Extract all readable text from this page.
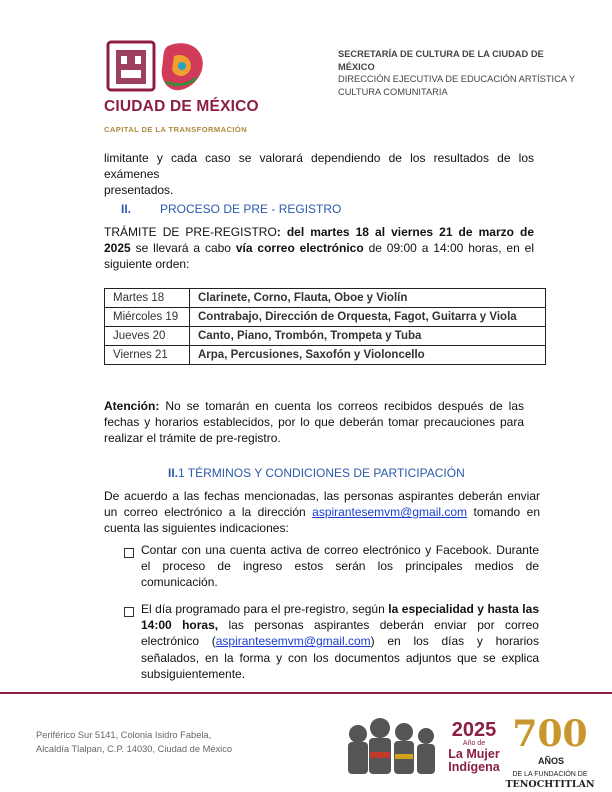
CIUDAD DE MÉXICO
CAPITAL DE LA TRANSFORMACIÓN
SECRETARÍA DE CULTURA DE LA CIUDAD DE MÉXICO
DIRECCIÓN EJECUTIVA DE EDUCACIÓN ARTÍSTICA Y CULTURA COMUNITARIA
limitante y cada caso se valorará dependiendo de los resultados de los exámenes
presentados.
II. PROCESO DE PRE - REGISTRO
TRÁMITE DE PRE-REGISTRO: del martes 18 al viernes 21 de marzo de 2025 se llevará a cabo vía correo electrónico de 09:00 a 14:00 horas, en el siguiente orden:
Martes 18	Clarinete, Corno, Flauta, Oboe y Violín
Miércoles 19	Contrabajo, Dirección de Orquesta, Fagot, Guitarra y Viola
Jueves 20	Canto, Piano, Trombón, Trompeta y Tuba
Viernes 21	Arpa, Percusiones, Saxofón y Violoncello
Atención: No se tomarán en cuenta los correos recibidos después de las fechas y horarios establecidos, por lo que deberán tomar precauciones para realizar el trámite de pre-registro.
II.1 TÉRMINOS Y CONDICIONES DE PARTICIPACIÓN
De acuerdo a las fechas mencionadas, las personas aspirantes deberán enviar un correo electrónico a la dirección aspirantesemvm@gmail.com tomando en cuenta las siguientes indicaciones:
Contar con una cuenta activa de correo electrónico y Facebook. Durante el proceso de ingreso estos serán los principales medios de comunicación.
El día programado para el pre-registro, según la especialidad y hasta las 14:00 horas, las personas aspirantes deberán enviar por correo electrónico (aspirantesemvm@gmail.com) en los días y horarios señalados, en la forma y con los documentos adjuntos que se explica subsiguientemente.
Periférico Sur 5141, Colonia Isidro Fabela,
Alcaldía Tlalpan, C.P. 14030, Ciudad de México
2025
Año de
La Mujer
Indígena
700AÑOS
DE LA FUNDACIÓN DE
TENOCHTITLAN
